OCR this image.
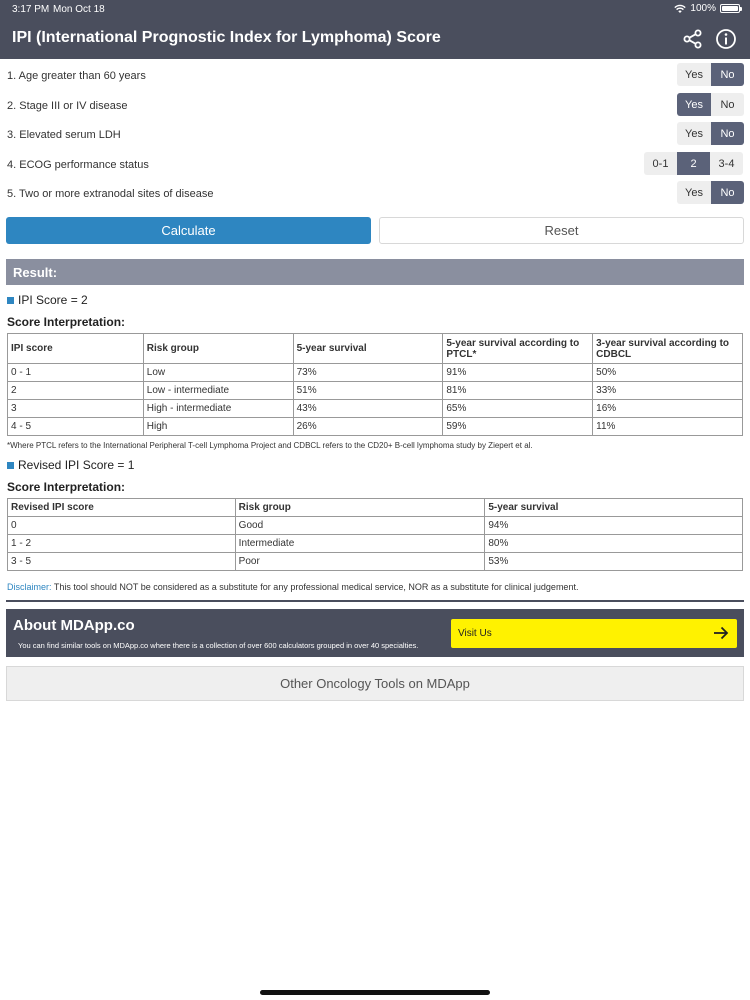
3:17 PM Mon Oct 18	100%
IPI (International Prognostic Index for Lymphoma) Score
1. Age greater than 60 years	Yes	No
2. Stage III or IV disease	Yes	No
3. Elevated serum LDH	Yes	No
4. ECOG performance status	0-1	2	3-4
5. Two or more extranodal sites of disease	Yes	No
Calculate	Reset
Result:
IPI Score = 2
Score Interpretation:
IPI score	Risk group	5-year survival	5-year survival according to PTCL*	3-year survival according to CDBCL
0 - 1	Low	73%	91%	50%
2	Low - intermediate	51%	81%	33%
3	High - intermediate	43%	65%	16%
4 - 5	High	26%	59%	11%
*Where PTCL refers to the International Peripheral T-cell Lymphoma Project and CDBCL refers to the CD20+ B-cell lymphoma study by Ziepert et al.
Revised IPI Score = 1
Score Interpretation:
Revised IPI score	Risk group	5-year survival
0	Good	94%
1 - 2	Intermediate	80%
3 - 5	Poor	53%
Disclaimer: This tool should NOT be considered as a substitute for any professional medical service, NOR as a substitute for clinical judgement.
About MDApp.co
You can find similar tools on MDApp.co where there is a collection of over 600 calculators grouped in over 40 specialties.
Visit Us
Other Oncology Tools on MDApp
